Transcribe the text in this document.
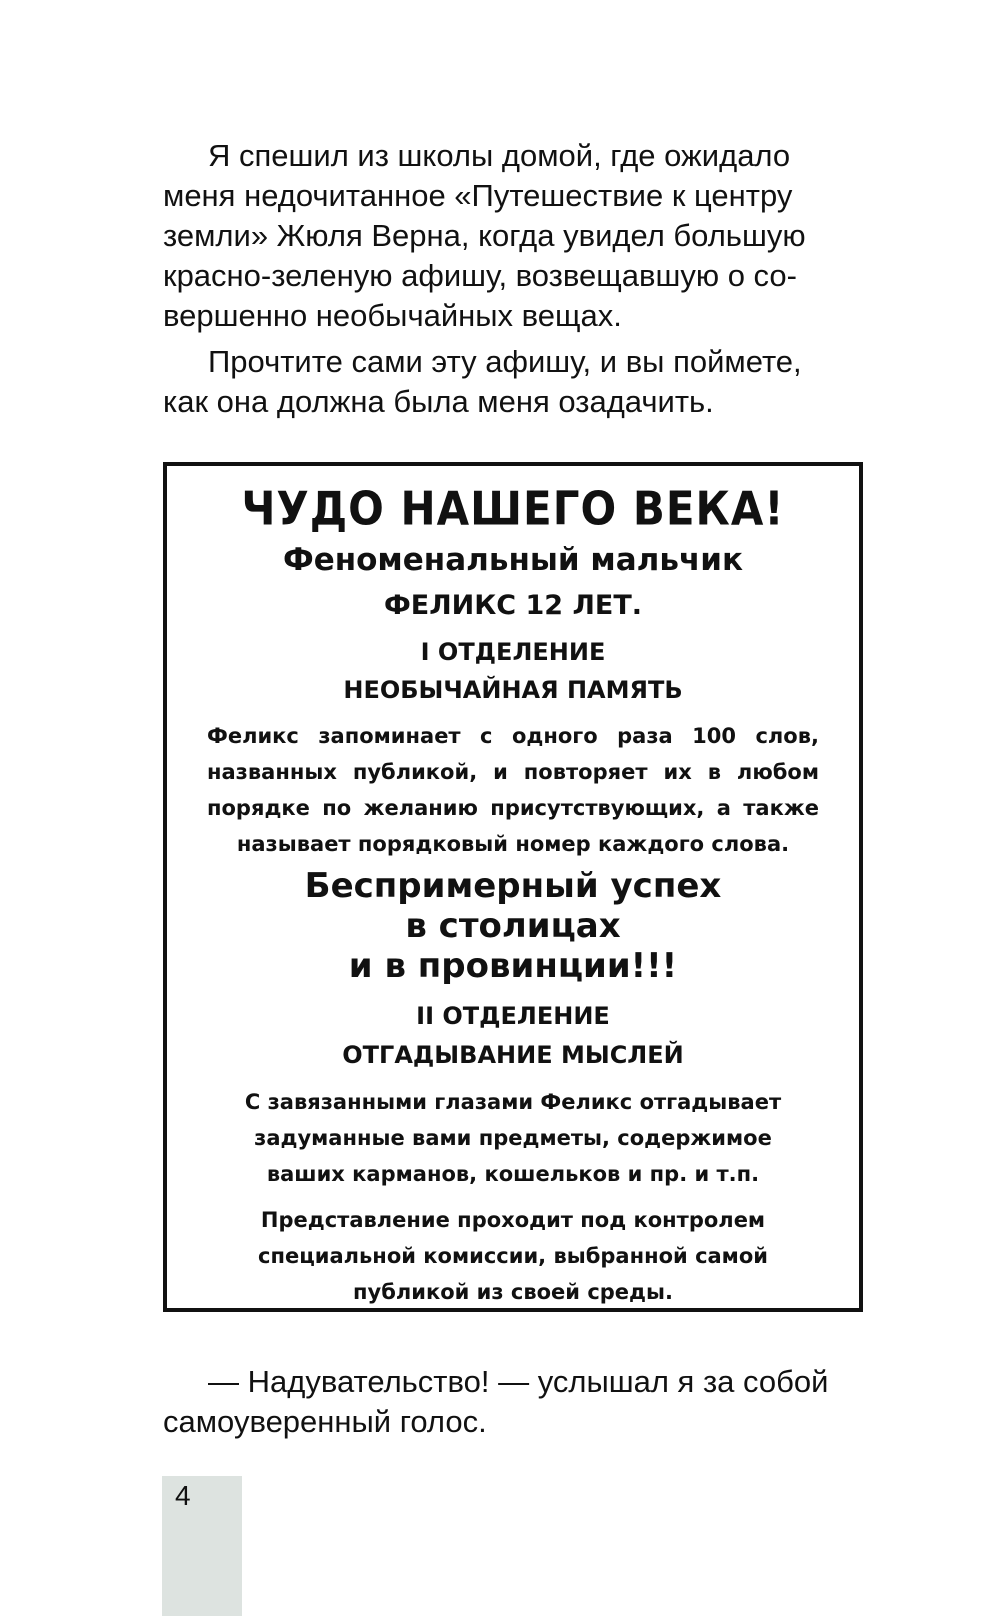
Я спешил из школы домой, где ожидало
меня недочитанное «Путешествие к центру
земли» Жюля Верна, когда увидел большую
красно-зеленую афишу, возвещавшую о со-
вершенно необычайных вещах.

Прочтите сами эту афишу, и вы поймете,
как она должна была меня озадачить.

ЧУДО НАШЕГО ВЕКА!
Феноменальный мальчик
ФЕЛИКС 12 ЛЕТ.
I ОТДЕЛЕНИЕ
НЕОБЫЧАЙНАЯ ПАМЯТЬ
Феликс запоминает с одного раза 100 слов, названных публикой, и повторяет их в любом порядке по желанию присутствующих, а также называет порядковый номер каждого слова.
Беспримерный успех
в столицах
и в провинции!!!
II ОТДЕЛЕНИЕ
ОТГАДЫВАНИЕ МЫСЛЕЙ
С завязанными глазами Феликс отгадывает
задуманные вами предметы, содержимое
ваших карманов, кошельков и пр. и т.п.
Представление проходит под контролем
специальной комиссии, выбранной самой
публикой из своей среды.

— Надувательство! — услышал я за собой
самоуверенный голос.

4
